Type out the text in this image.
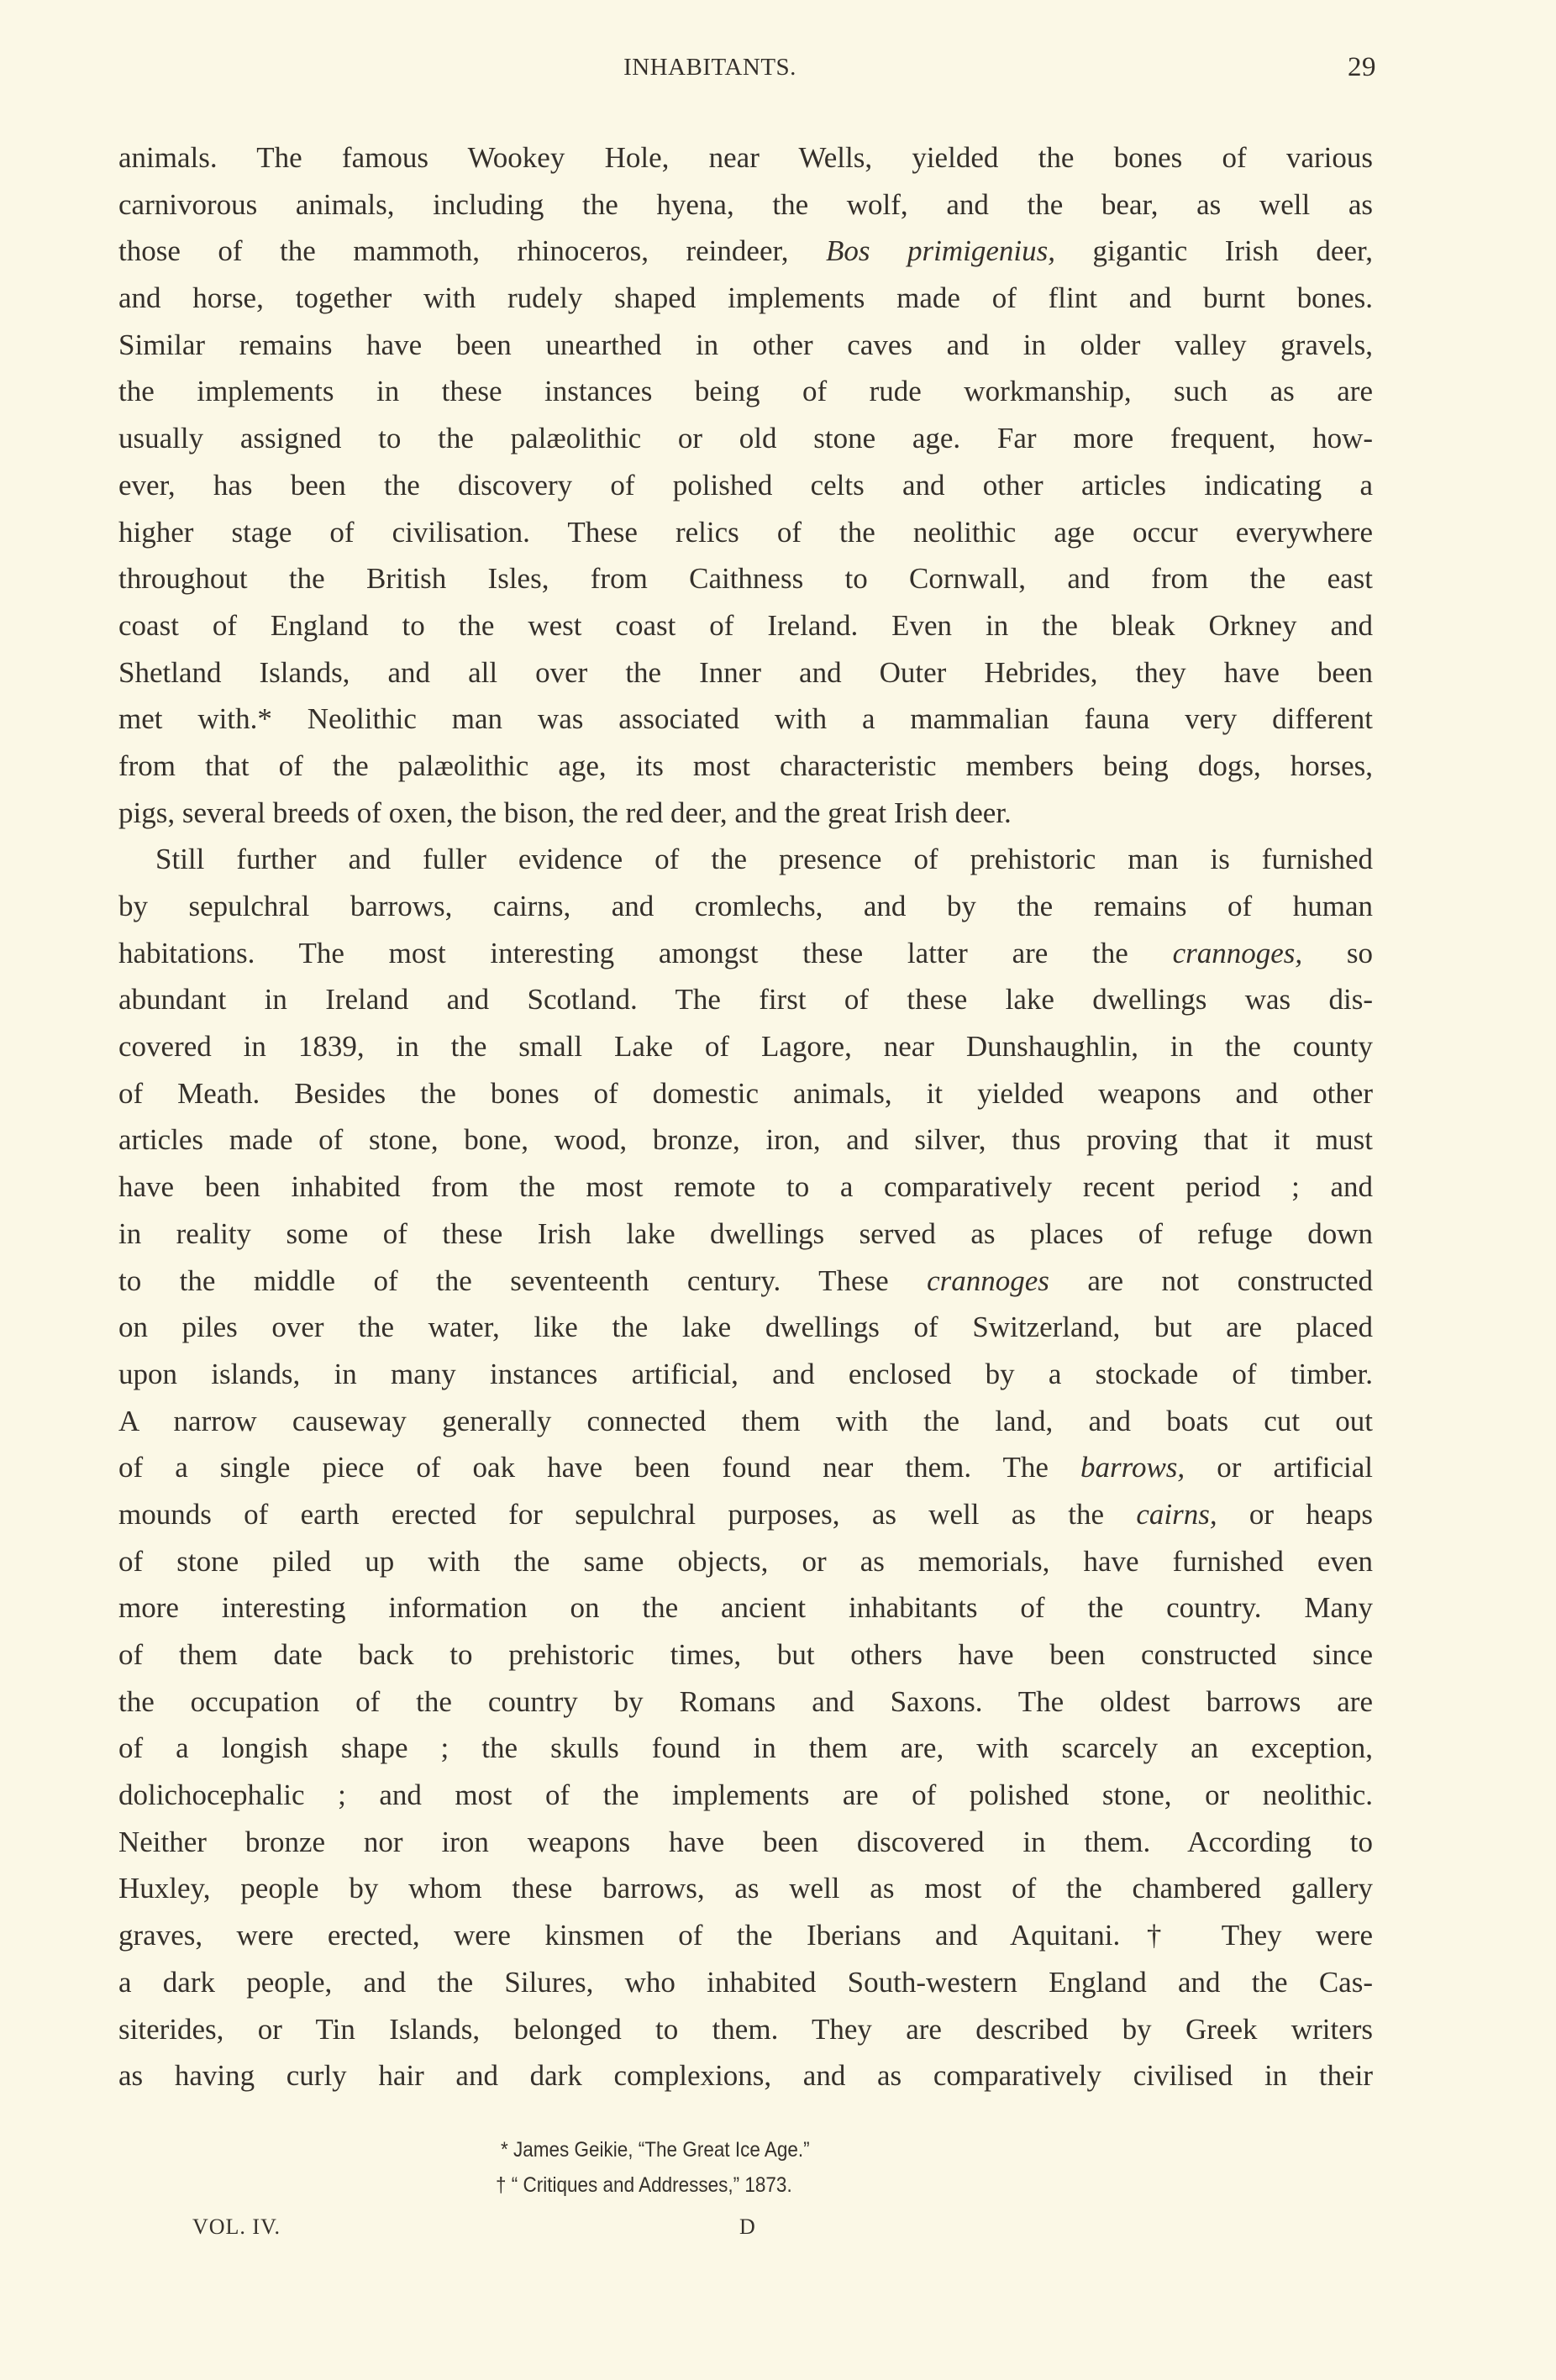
INHABITANTS.	29
animals. The famous Wookey Hole, near Wells, yielded the bones of various
carnivorous animals, including the hyena, the wolf, and the bear, as well as
those of the mammoth, rhinoceros, reindeer, Bos primigenius, gigantic Irish deer,
and horse, together with rudely shaped implements made of flint and burnt bones.
Similar remains have been unearthed in other caves and in older valley gravels,
the implements in these instances being of rude workmanship, such as are
usually assigned to the palæolithic or old stone age. Far more frequent, how-
ever, has been the discovery of polished celts and other articles indicating a
higher stage of civilisation. These relics of the neolithic age occur everywhere
throughout the British Isles, from Caithness to Cornwall, and from the east
coast of England to the west coast of Ireland. Even in the bleak Orkney and
Shetland Islands, and all over the Inner and Outer Hebrides, they have been
met with.* Neolithic man was associated with a mammalian fauna very different
from that of the palæolithic age, its most characteristic members being dogs, horses,
pigs, several breeds of oxen, the bison, the red deer, and the great Irish deer.
Still further and fuller evidence of the presence of prehistoric man is furnished
by sepulchral barrows, cairns, and cromlechs, and by the remains of human
habitations. The most interesting amongst these latter are the crannoges, so
abundant in Ireland and Scotland. The first of these lake dwellings was dis-
covered in 1839, in the small Lake of Lagore, near Dunshaughlin, in the county
of Meath. Besides the bones of domestic animals, it yielded weapons and other
articles made of stone, bone, wood, bronze, iron, and silver, thus proving that it must
have been inhabited from the most remote to a comparatively recent period ; and
in reality some of these Irish lake dwellings served as places of refuge down
to the middle of the seventeenth century. These crannoges are not constructed
on piles over the water, like the lake dwellings of Switzerland, but are placed
upon islands, in many instances artificial, and enclosed by a stockade of timber.
A narrow causeway generally connected them with the land, and boats cut out
of a single piece of oak have been found near them. The barrows, or artificial
mounds of earth erected for sepulchral purposes, as well as the cairns, or heaps
of stone piled up with the same objects, or as memorials, have furnished even
more interesting information on the ancient inhabitants of the country. Many
of them date back to prehistoric times, but others have been constructed since
the occupation of the country by Romans and Saxons. The oldest barrows are
of a longish shape ; the skulls found in them are, with scarcely an exception,
dolichocephalic ; and most of the implements are of polished stone, or neolithic.
Neither bronze nor iron weapons have been discovered in them. According to
Huxley, people by whom these barrows, as well as most of the chambered gallery
graves, were erected, were kinsmen of the Iberians and Aquitani.† They were
a dark people, and the Silures, who inhabited South-western England and the Cas-
siterides, or Tin Islands, belonged to them. They are described by Greek writers
as having curly hair and dark complexions, and as comparatively civilised in their
* James Geikie, “The Great Ice Age.”
† “ Critiques and Addresses,” 1873.
VOL. IV.	D
